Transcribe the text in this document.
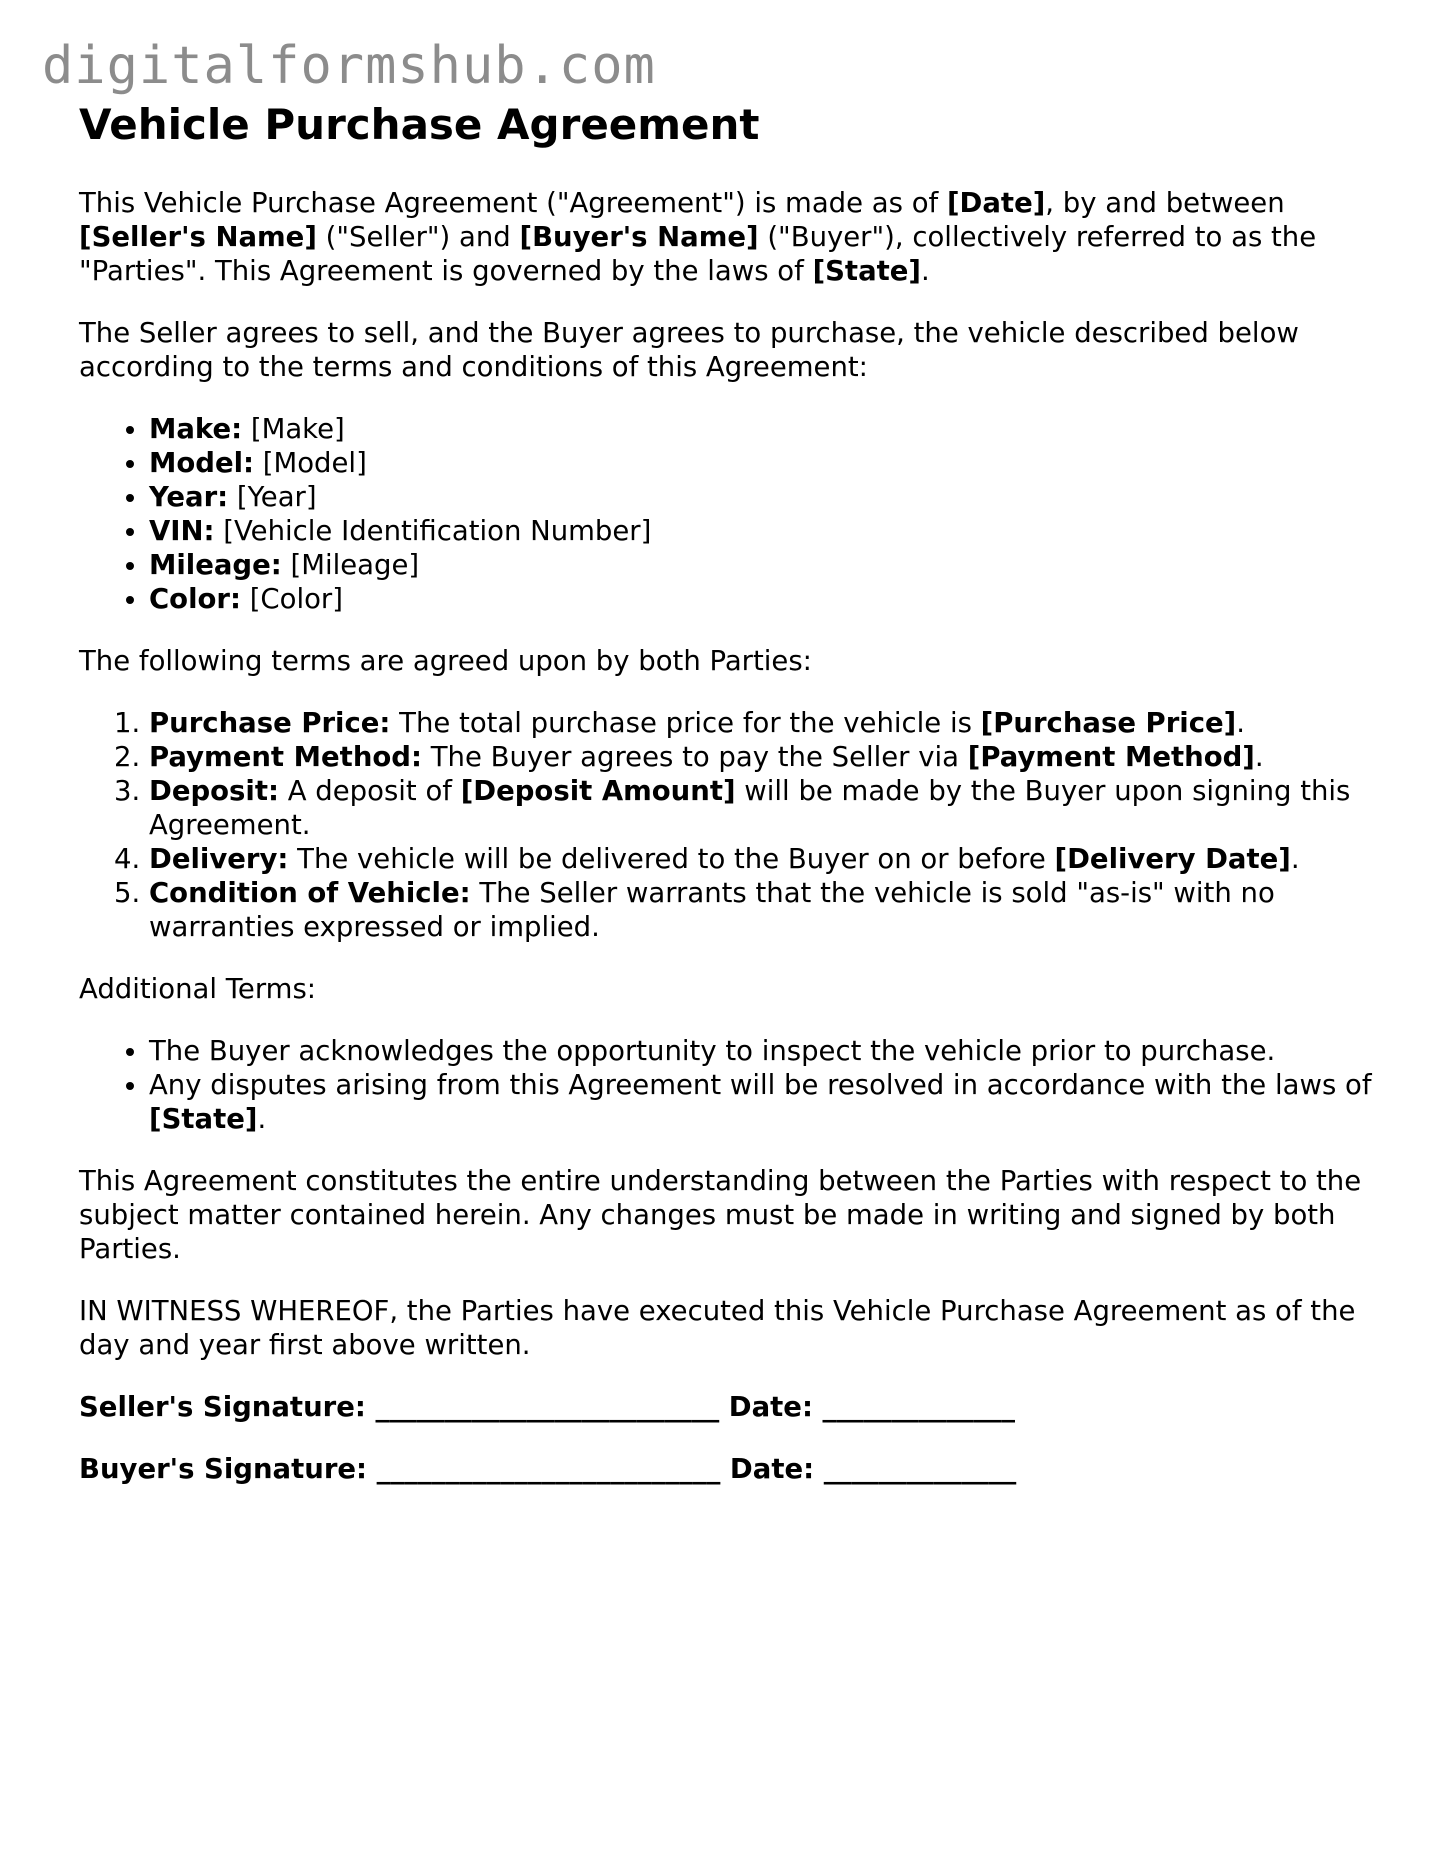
digitalformshub.com
Vehicle Purchase Agreement

This Vehicle Purchase Agreement ("Agreement") is made as of [Date], by and between [Seller's Name] ("Seller") and [Buyer's Name] ("Buyer"), collectively referred to as the "Parties". This Agreement is governed by the laws of [State].

The Seller agrees to sell, and the Buyer agrees to purchase, the vehicle described below according to the terms and conditions of this Agreement:

• Make: [Make]
• Model: [Model]
• Year: [Year]
• VIN: [Vehicle Identification Number]
• Mileage: [Mileage]
• Color: [Color]

The following terms are agreed upon by both Parties:

1. Purchase Price: The total purchase price for the vehicle is [Purchase Price].
2. Payment Method: The Buyer agrees to pay the Seller via [Payment Method].
3. Deposit: A deposit of [Deposit Amount] will be made by the Buyer upon signing this Agreement.
4. Delivery: The vehicle will be delivered to the Buyer on or before [Delivery Date].
5. Condition of Vehicle: The Seller warrants that the vehicle is sold "as-is" with no warranties expressed or implied.

Additional Terms:

• The Buyer acknowledges the opportunity to inspect the vehicle prior to purchase.
• Any disputes arising from this Agreement will be resolved in accordance with the laws of [State].

This Agreement constitutes the entire understanding between the Parties with respect to the subject matter contained herein. Any changes must be made in writing and signed by both Parties.

IN WITNESS WHEREOF, the Parties have executed this Vehicle Purchase Agreement as of the day and year first above written.

Seller's Signature: _________________________ Date: ______________

Buyer's Signature: _________________________ Date: ______________
